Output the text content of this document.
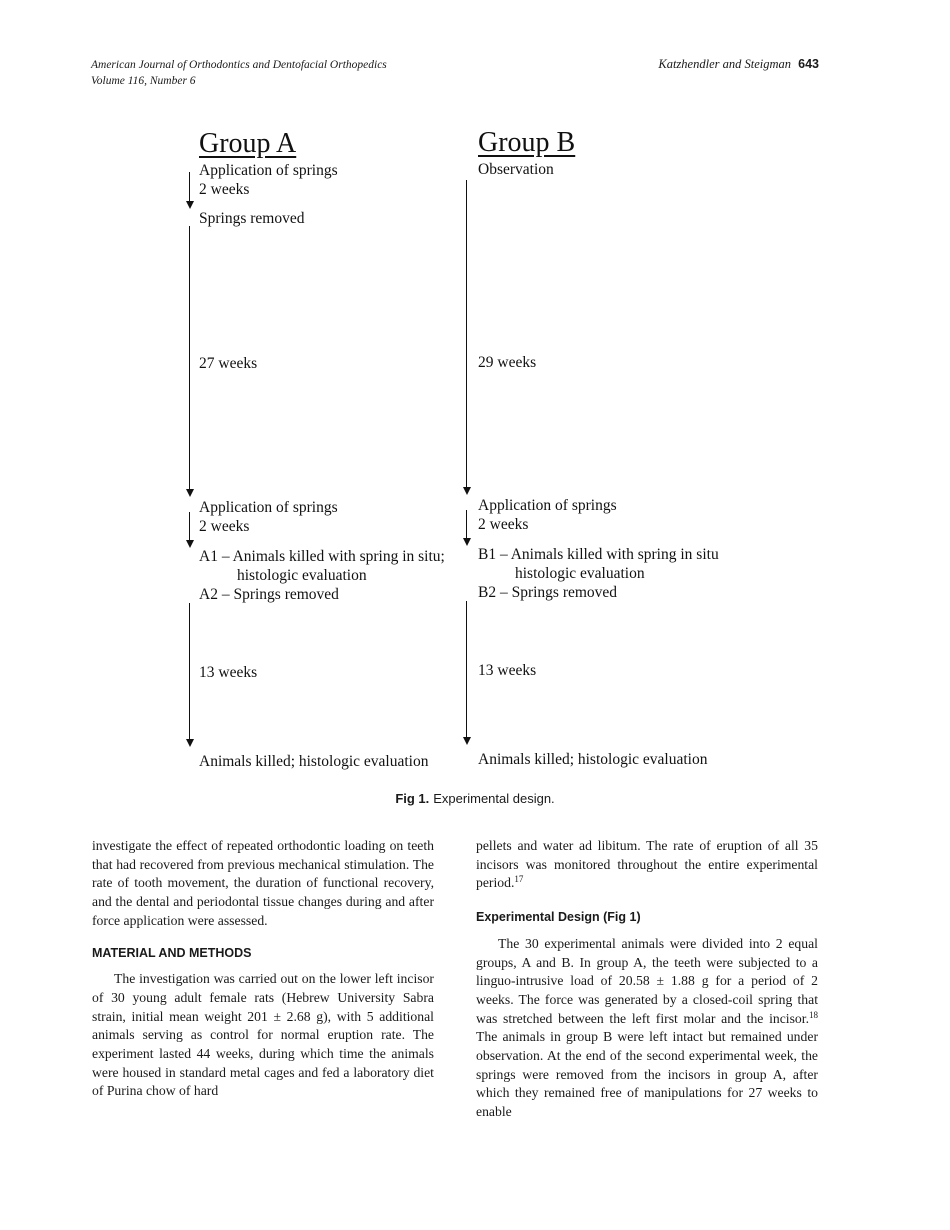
American Journal of Orthodontics and Dentofacial Orthopedics
Volume 116, Number 6
Katzhendler and Steigman 643
Group A
Application of springs
2 weeks
Springs removed
27 weeks
Application of springs
2 weeks
A1 – Animals killed with spring in situ;
histologic evaluation
A2 – Springs removed
13 weeks
Animals killed; histologic evaluation
Group B
Observation
29 weeks
Application of springs
2 weeks
B1 – Animals killed with spring in situ
histologic evaluation
B2 – Springs removed
13 weeks
Animals killed; histologic evaluation
Fig 1. Experimental design.

investigate the effect of repeated orthodontic loading on teeth that had recovered from previous mechanical stimulation. The rate of tooth movement, the duration of functional recovery, and the dental and periodontal tissue changes during and after force application were assessed.

MATERIAL AND METHODS

The investigation was carried out on the lower left incisor of 30 young adult female rats (Hebrew University Sabra strain, initial mean weight 201 ± 2.68 g), with 5 additional animals serving as control for normal eruption rate. The experiment lasted 44 weeks, during which time the animals were housed in standard metal cages and fed a laboratory diet of Purina chow of hard

pellets and water ad libitum. The rate of eruption of all 35 incisors was monitored throughout the entire experimental period.$^{17}$

Experimental Design (Fig 1)

The 30 experimental animals were divided into 2 equal groups, A and B. In group A, the teeth were subjected to a linguo-intrusive load of 20.58 ± 1.88 g for a period of 2 weeks. The force was generated by a closed-coil spring that was stretched between the left first molar and the incisor.$^{18}$ The animals in group B were left intact but remained under observation. At the end of the second experimental week, the springs were removed from the incisors in group A, after which they remained free of manipulations for 27 weeks to enable
